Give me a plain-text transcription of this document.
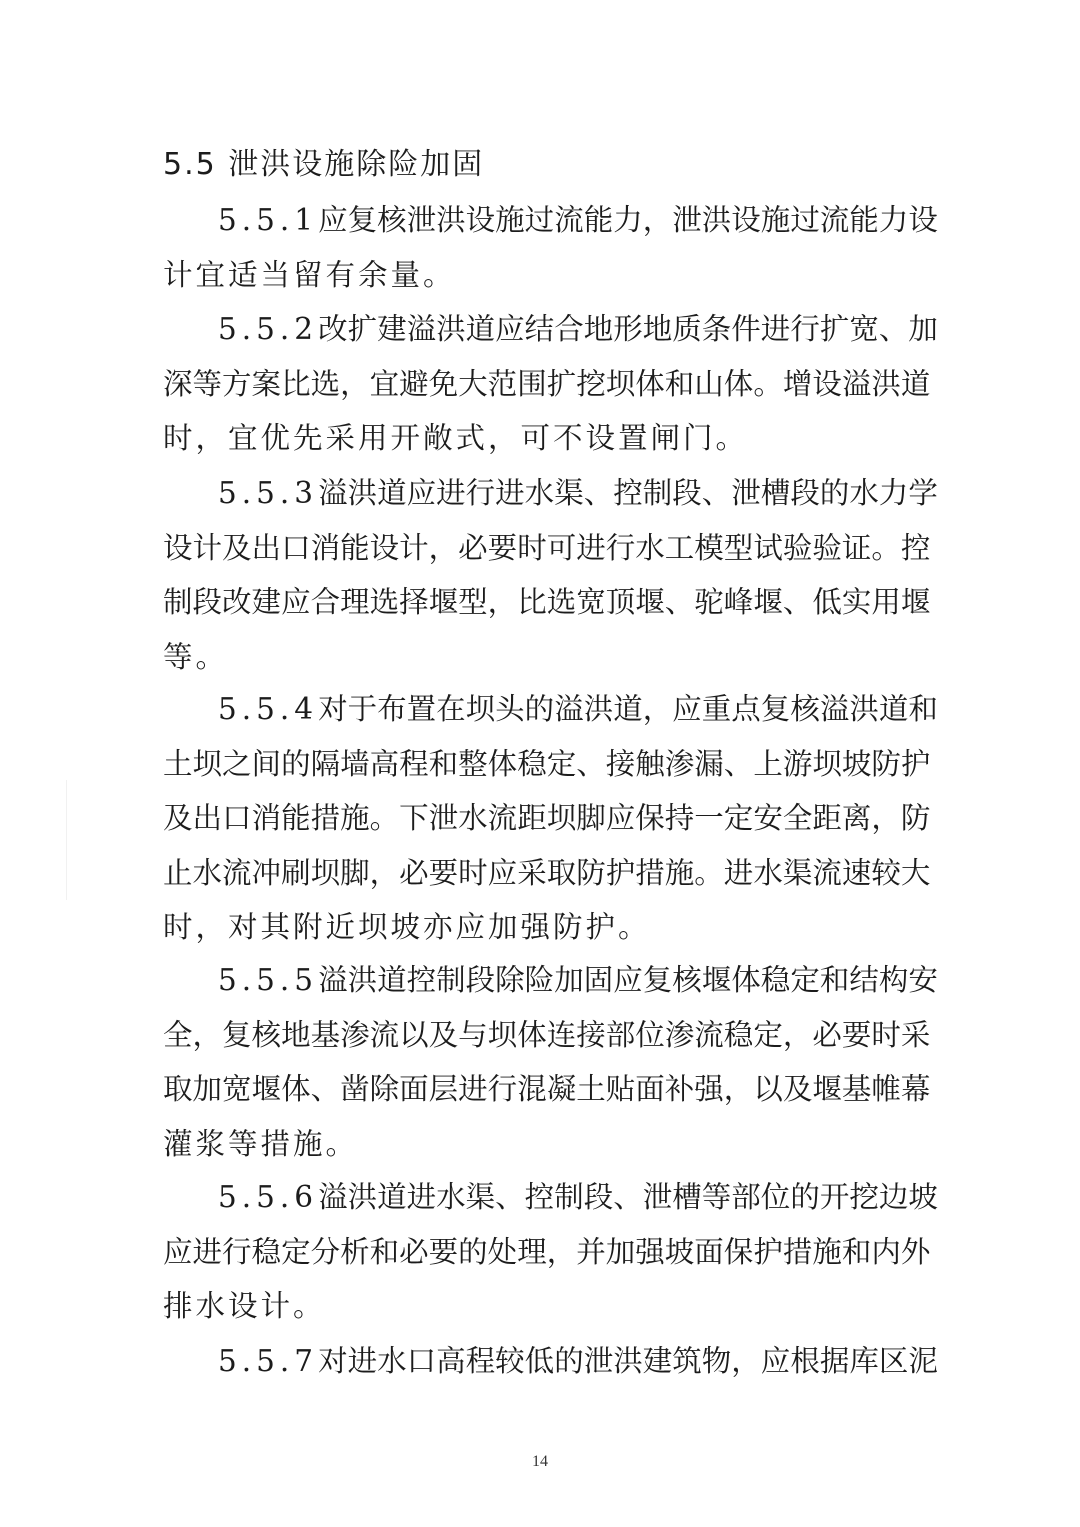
5.5 泄洪设施除险加固
5.5.1 应 复 核 泄 洪 设 施 过 流 能 力 ， 泄 洪 设 施 过 流 能 力 设
计宜适当留有余量。
5.5.2 改 扩 建 溢 洪 道 应 结 合 地 形 地 质 条 件 进 行 扩 宽 、 加
深 等 方 案 比 选 ， 宜 避 免 大 范 围 扩 挖 坝 体 和 山 体 。 增 设 溢 洪 道
时，宜优先采用开敞式，可不设置闸门。
5.5.3 溢 洪 道 应 进 行 进 水 渠 、 控 制 段 、 泄 槽 段 的 水 力 学
设 计 及 出 口 消 能 设 计 ， 必 要 时 可 进 行 水 工 模 型 试 验 验 证 。 控
制 段 改 建 应 合 理 选 择 堰 型 ， 比 选 宽 顶 堰 、 驼 峰 堰 、 低 实 用 堰
等。
5.5.4 对 于 布 置 在 坝 头 的 溢 洪 道 ， 应 重 点 复 核 溢 洪 道 和
土 坝 之 间 的 隔 墙 高 程 和 整 体 稳 定 、 接 触 渗 漏 、 上 游 坝 坡 防 护
及 出 口 消 能 措 施 。 下 泄 水 流 距 坝 脚 应 保 持 一 定 安 全 距 离 ， 防
止 水 流 冲 刷 坝 脚 ， 必 要 时 应 采 取 防 护 措 施 。 进 水 渠 流 速 较 大
时，对其附近坝坡亦应加强防护。
5.5.5 溢 洪 道 控 制 段 除 险 加 固 应 复 核 堰 体 稳 定 和 结 构 安
全 ， 复 核 地 基 渗 流 以 及 与 坝 体 连 接 部 位 渗 流 稳 定 ， 必 要 时 采
取 加 宽 堰 体 、 凿 除 面 层 进 行 混 凝 土 贴 面 补 强 ， 以 及 堰 基 帷 幕
灌浆等措施。
5.5.6 溢 洪 道 进 水 渠 、 控 制 段 、 泄 槽 等 部 位 的 开 挖 边 坡
应 进 行 稳 定 分 析 和 必 要 的 处 理 ， 并 加 强 坡 面 保 护 措 施 和 内 外
排水设计。
5.5.7 对 进 水 口 高 程 较 低 的 泄 洪 建 筑 物 ， 应 根 据 库 区 泥
14
